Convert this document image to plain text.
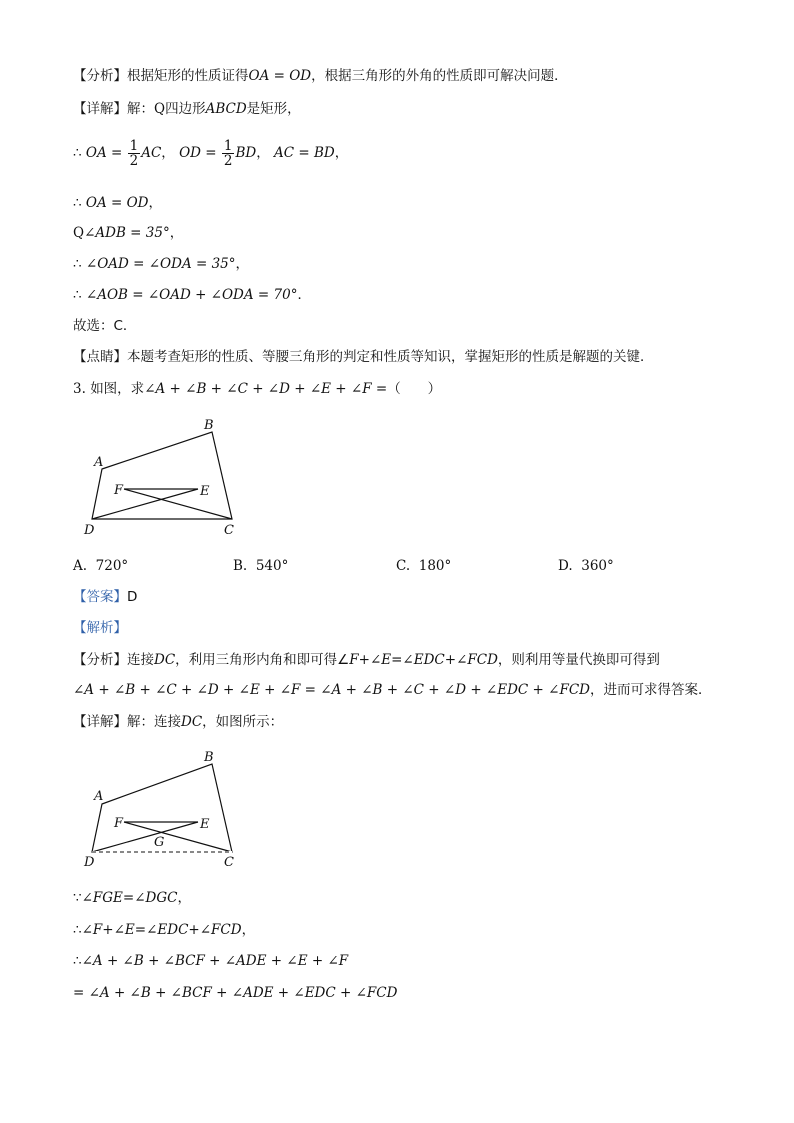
【分析】根据矩形的性质证得OA = OD，根据三角形的外角的性质即可解决问题．
【详解】解：Q四边形ABCD是矩形，
∴ OA = $\frac{1}{2}$ AC， OD = $\frac{1}{2}$ BD， AC = BD，
∴ OA = OD，
Q∠ADB = 35°，
∴ ∠OAD = ∠ODA = 35°，
∴ ∠AOB = ∠OAD + ∠ODA = 70°．
故选：C．
【点睛】本题考查矩形的性质、等腰三角形的判定和性质等知识，掌握矩形的性质是解题的关键．
3. 如图，求∠A + ∠B + ∠C + ∠D + ∠E + ∠F =（　　）
A
B
C
D
E
F
A. 720°	B. 540°	C. 180°	D. 360°
【答案】D
【解析】
【分析】连接DC，利用三角形内角和即可得∠F+∠E=∠EDC+∠FCD，则利用等量代换即可得到
∠A + ∠B + ∠C + ∠D + ∠E + ∠F = ∠A + ∠B + ∠C + ∠D + ∠EDC + ∠FCD，进而可求得答案．
【详解】解：连接DC，如图所示：
A
B
C
D
E
F
G
∵∠FGE=∠DGC，
∴∠F+∠E=∠EDC+∠FCD，
∴∠A + ∠B + ∠BCF + ∠ADE + ∠E + ∠F
= ∠A + ∠B + ∠BCF + ∠ADE + ∠EDC + ∠FCD
